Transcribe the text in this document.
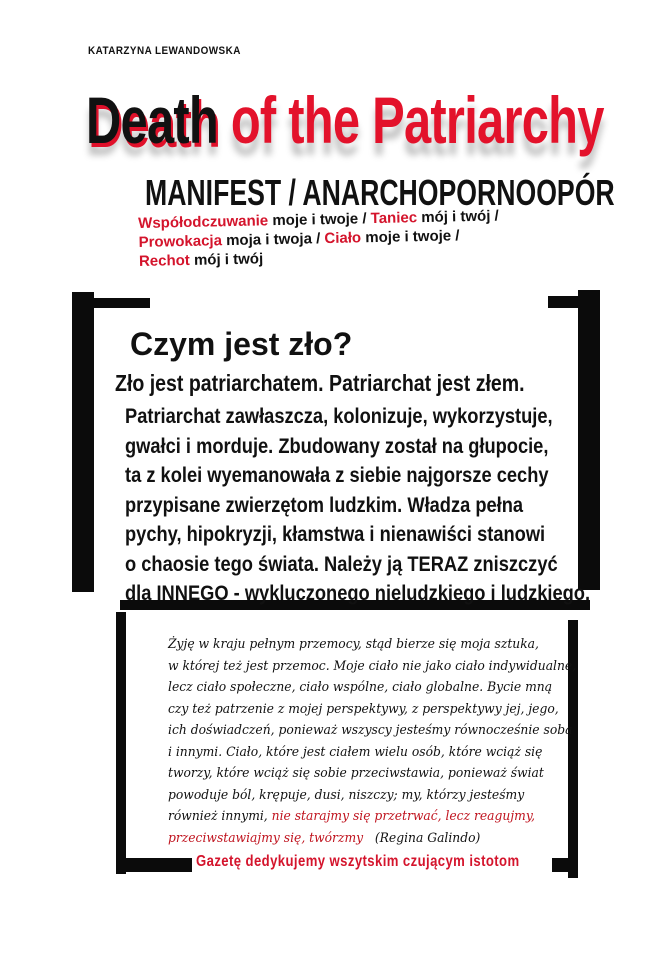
KATARZYNA LEWANDOWSKA
Death of the Patriarchy
MANIFEST / ANARCHOPORNOOPÓR
Współodczuwanie moje i twoje / Taniec mój i twój /
Prowokacja moja i twoja / Ciało moje i twoje /
Rechot mój i twój
Czym jest zło?
Zło jest patriarchatem. Patriarchat jest złem.
Patriarchat zawłaszcza, kolonizuje, wykorzystuje,
gwałci i morduje. Zbudowany został na głupocie,
ta z kolei wyemanowała z siebie najgorsze cechy
przypisane zwierzętom ludzkim. Władza pełna
pychy, hipokryzji, kłamstwa i nienawiści stanowi
o chaosie tego świata. Należy ją TERAZ zniszczyć
dla INNEGO - wykluczonego nieludzkiego i ludzkiego.
Żyję w kraju pełnym przemocy, stąd bierze się moja sztuka,
w której też jest przemoc. Moje ciało nie jako ciało indywidualne,
lecz ciało społeczne, ciało wspólne, ciało globalne. Bycie mną
czy też patrzenie z mojej perspektywy, z perspektywy jej, jego,
ich doświadczeń, ponieważ wszyscy jesteśmy równocześnie sobą
i innymi. Ciało, które jest ciałem wielu osób, które wciąż się
tworzy, które wciąż się sobie przeciwstawia, ponieważ świat
powoduje ból, krępuje, dusi, niszczy; my, którzy jesteśmy
również innymi, nie starajmy się przetrwać, lecz reagujmy,
przeciwstawiajmy się, twórzmy (Regina Galindo)
Gazetę dedykujemy wszytskim czującym istotom
